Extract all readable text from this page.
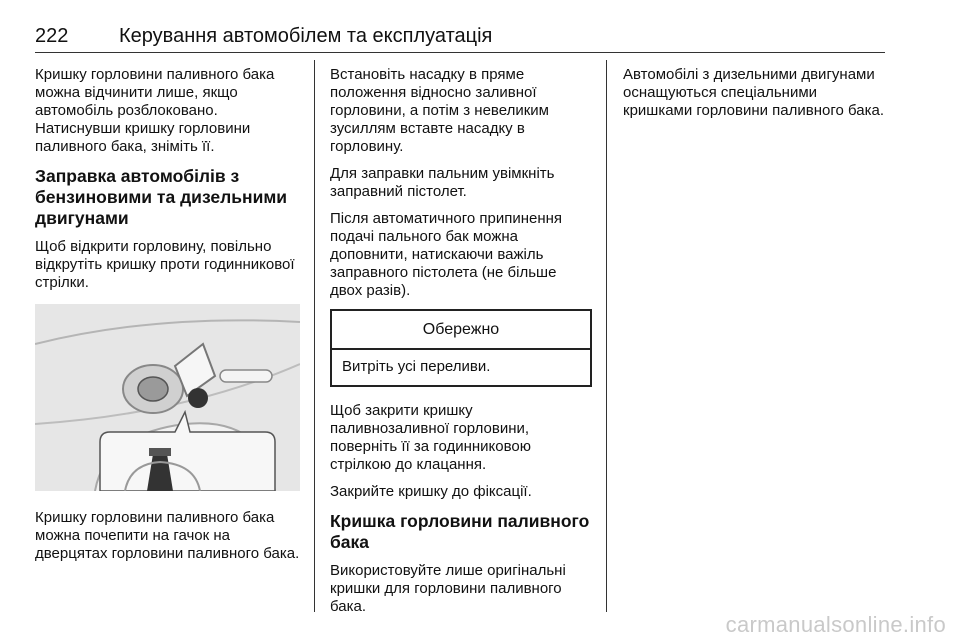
222	Керування автомобілем та експлуатація

Кришку горловини паливного бака можна відчинити лише, якщо автомобіль розблоковано. Натиснувши кришку горловини паливного бака, зніміть її.

Заправка автомобілів з бензиновими та дизельними двигунами

Щоб відкрити горловину, повільно відкрутіть кришку проти годинникової стрілки.

Кришку горловини паливного бака можна почепити на гачок на дверцятах горловини паливного бака.

Встановіть насадку в пряме положення відносно заливної горловини, а потім з невеликим зусиллям вставте насадку в горловину.

Для заправки пальним увімкніть заправний пістолет.

Після автоматичного припинення подачі пального бак можна доповнити, натискаючи важіль заправного пістолета (не більше двох разів).

Обережно
Витріть усі переливи.

Щоб закрити кришку паливнозаливної горловини, поверніть її за годинниковою стрілкою до клацання.

Закрийте кришку до фіксації.

Кришка горловини паливного бака

Використовуйте лише оригінальні кришки для горловини паливного бака.

Автомобілі з дизельними двигунами оснащуються спеціальними кришками горловини паливного бака.

carmanualsonline.info
